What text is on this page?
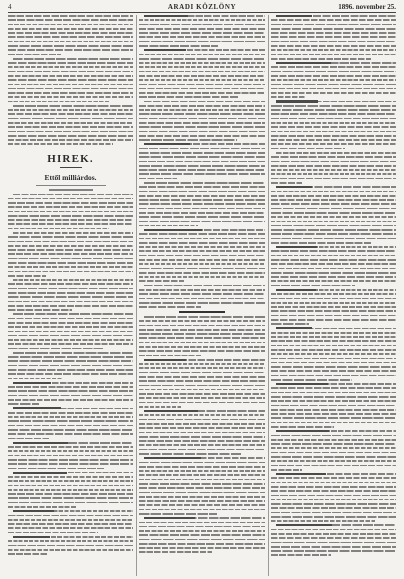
4	ARADI KÖZLÖNY	1896. november 25.
HIREK.
Ettől milliárdos.
